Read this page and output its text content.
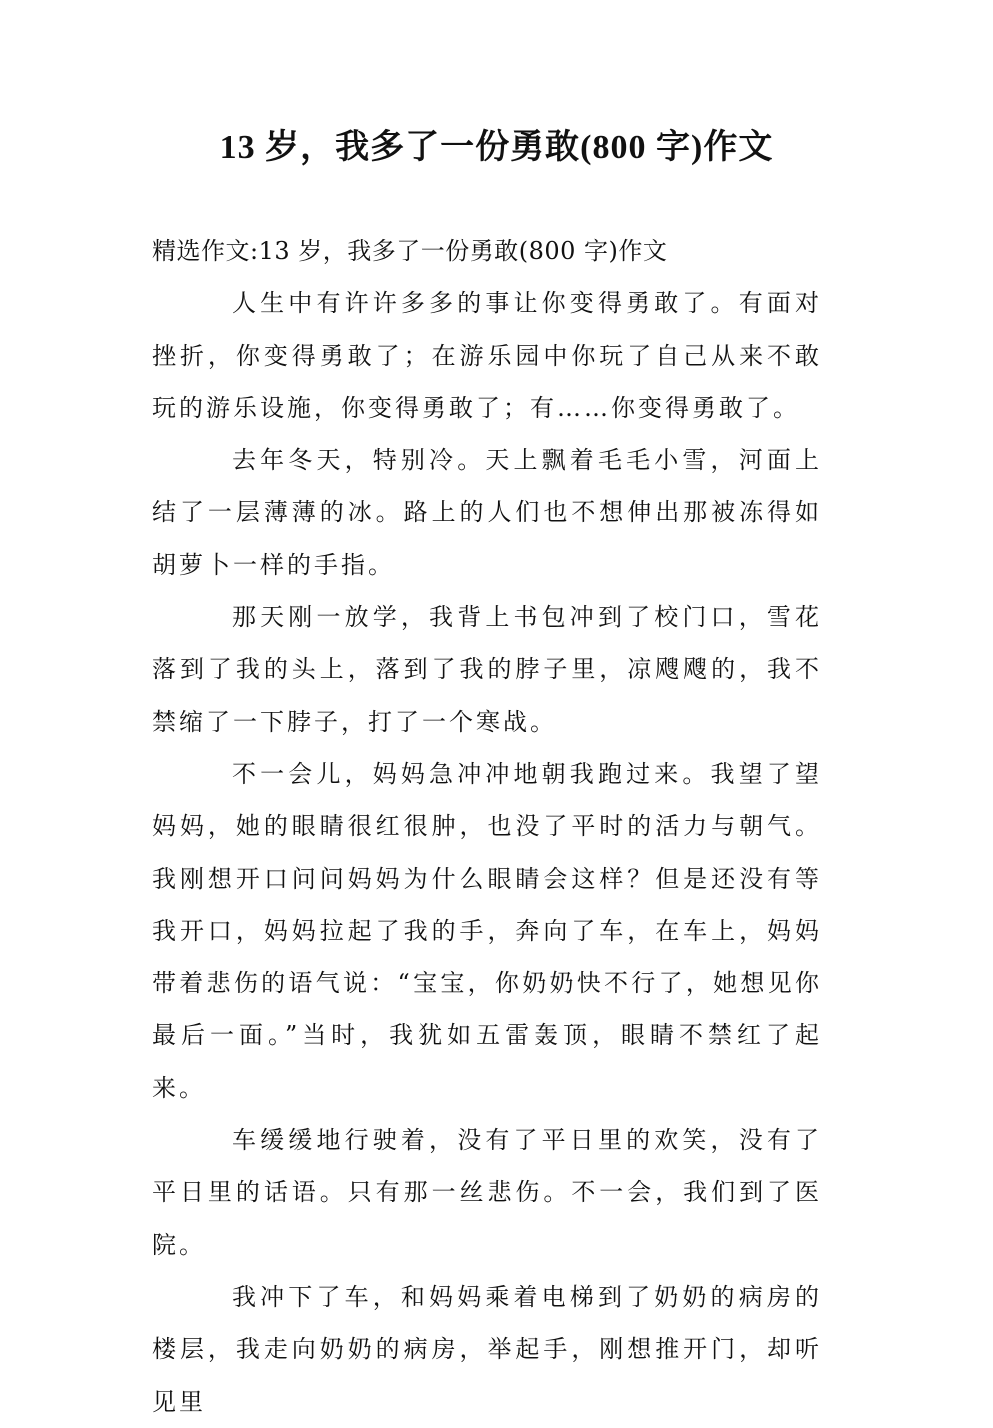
13 岁，我多了一份勇敢(800 字)作文

精选作文:13 岁，我多了一份勇敢(800 字)作文

人生中有许许多多的事让你变得勇敢了。有面对挫折，你变得勇敢了；在游乐园中你玩了自己从来不敢玩的游乐设施，你变得勇敢了；有……你变得勇敢了。

去年冬天，特别冷。天上飘着毛毛小雪，河面上结了一层薄薄的冰。路上的人们也不想伸出那被冻得如胡萝卜一样的手指。

那天刚一放学，我背上书包冲到了校门口，雪花落到了我的头上，落到了我的脖子里，凉飕飕的，我不禁缩了一下脖子，打了一个寒战。

不一会儿，妈妈急冲冲地朝我跑过来。我望了望妈妈，她的眼睛很红很肿，也没了平时的活力与朝气。我刚想开口问问妈妈为什么眼睛会这样？但是还没有等我开口，妈妈拉起了我的手，奔向了车，在车上，妈妈带着悲伤的语气说：“宝宝，你奶奶快不行了，她想见你最后一面。”当时，我犹如五雷轰顶，眼睛不禁红了起来。

车缓缓地行驶着，没有了平日里的欢笑，没有了平日里的话语。只有那一丝悲伤。不一会，我们到了医院。

我冲下了车，和妈妈乘着电梯到了奶奶的病房的楼层，我走向奶奶的病房，举起手，刚想推开门，却听见里
